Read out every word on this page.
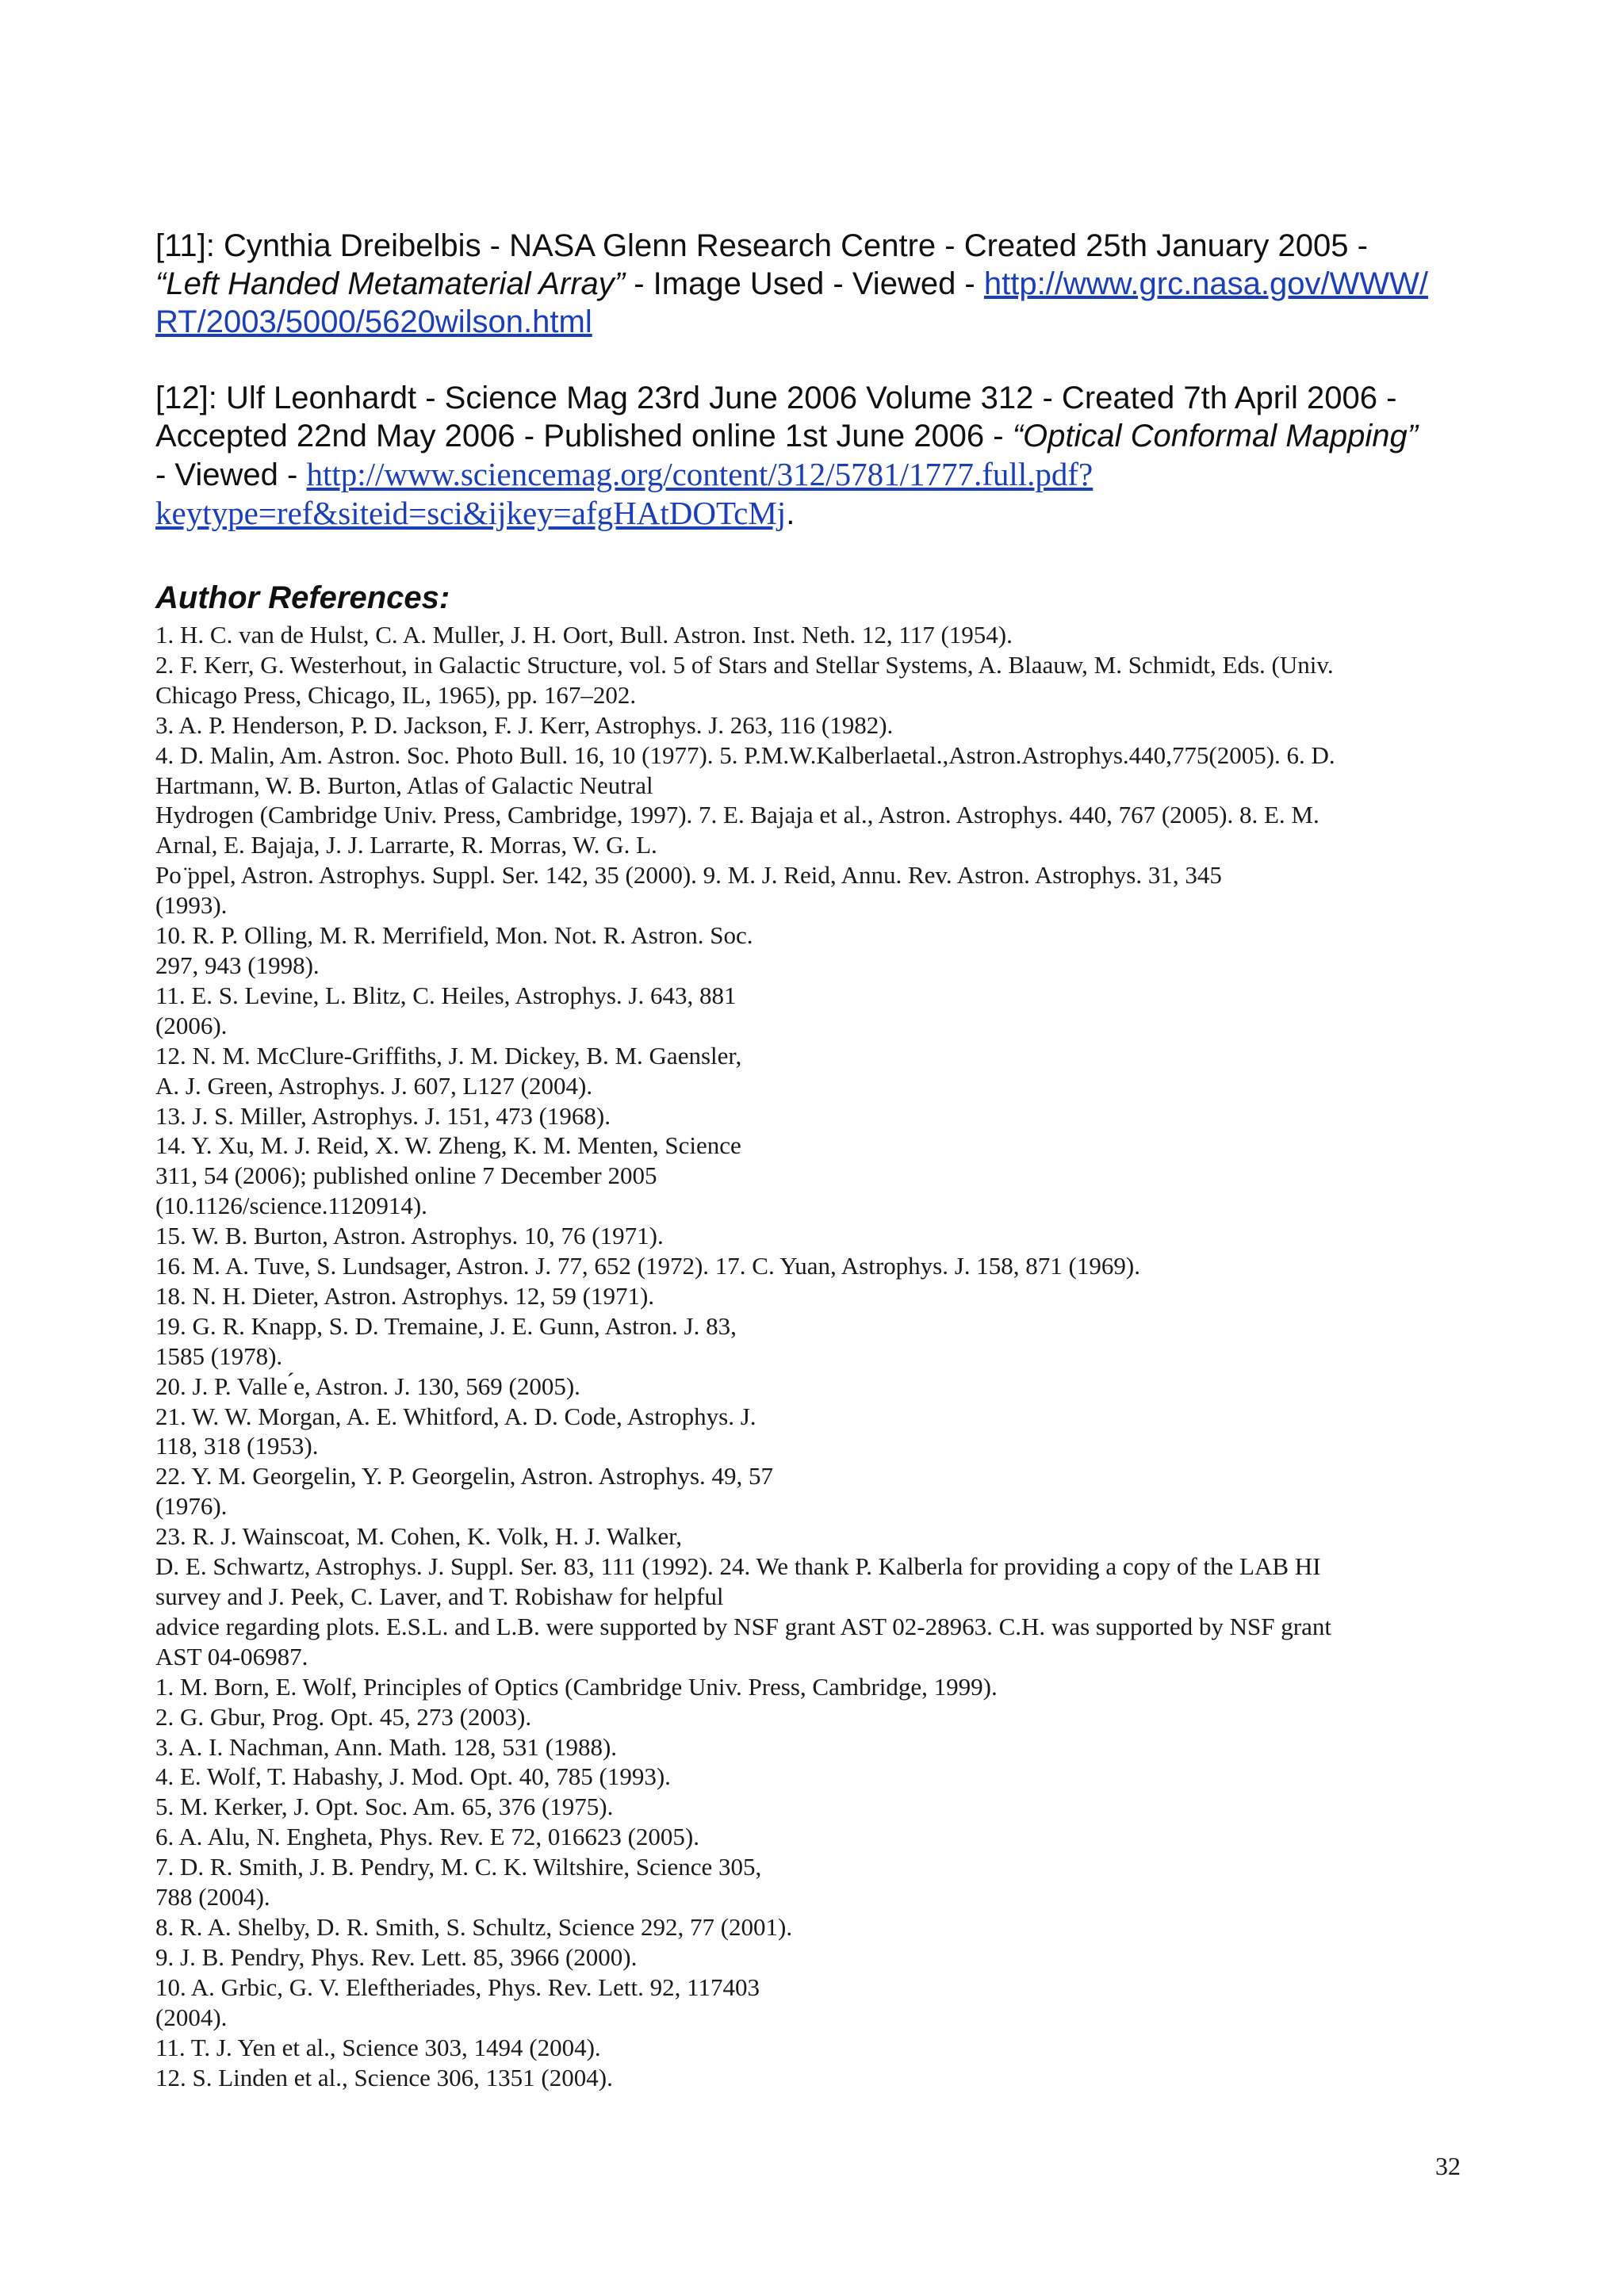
[11]: Cynthia Dreibelbis - NASA Glenn Research Centre - Created 25th January 2005 -
“Left Handed Metamaterial Array” - Image Used - Viewed - http://www.grc.nasa.gov/WWW/
RT/2003/5000/5620wilson.html

[12]: Ulf Leonhardt - Science Mag 23rd June 2006 Volume 312 - Created 7th April 2006 -
Accepted 22nd May 2006 - Published online 1st June 2006 - “Optical Conformal Mapping”
- Viewed - http://www.sciencemag.org/content/312/5781/1777.full.pdf?
keytype=ref&siteid=sci&ijkey=afgHAtDOTcMj.

Author References:
1. H. C. van de Hulst, C. A. Muller, J. H. Oort, Bull. Astron. Inst. Neth. 12, 117 (1954).
2. F. Kerr, G. Westerhout, in Galactic Structure, vol. 5 of Stars and Stellar Systems, A. Blaauw, M. Schmidt, Eds. (Univ.
Chicago Press, Chicago, IL, 1965), pp. 167–202.
3. A. P. Henderson, P. D. Jackson, F. J. Kerr, Astrophys. J. 263, 116 (1982).
4. D. Malin, Am. Astron. Soc. Photo Bull. 16, 10 (1977). 5. P.M.W.Kalberlaetal.,Astron.Astrophys.440,775(2005). 6. D.
Hartmann, W. B. Burton, Atlas of Galactic Neutral
Hydrogen (Cambridge Univ. Press, Cambridge, 1997). 7. E. Bajaja et al., Astron. Astrophys. 440, 767 (2005). 8. E. M.
Arnal, E. Bajaja, J. J. Larrarte, R. Morras, W. G. L.
Po ̈ppel, Astron. Astrophys. Suppl. Ser. 142, 35 (2000). 9. M. J. Reid, Annu. Rev. Astron. Astrophys. 31, 345
(1993).
10. R. P. Olling, M. R. Merrifield, Mon. Not. R. Astron. Soc.
297, 943 (1998).
11. E. S. Levine, L. Blitz, C. Heiles, Astrophys. J. 643, 881
(2006).
12. N. M. McClure-Griffiths, J. M. Dickey, B. M. Gaensler,
A. J. Green, Astrophys. J. 607, L127 (2004).
13. J. S. Miller, Astrophys. J. 151, 473 (1968).
14. Y. Xu, M. J. Reid, X. W. Zheng, K. M. Menten, Science
311, 54 (2006); published online 7 December 2005
(10.1126/science.1120914).
15. W. B. Burton, Astron. Astrophys. 10, 76 (1971).
16. M. A. Tuve, S. Lundsager, Astron. J. 77, 652 (1972). 17. C. Yuan, Astrophys. J. 158, 871 (1969).
18. N. H. Dieter, Astron. Astrophys. 12, 59 (1971).
19. G. R. Knapp, S. D. Tremaine, J. E. Gunn, Astron. J. 83,
1585 (1978).
20. J. P. Valle ́e, Astron. J. 130, 569 (2005).
21. W. W. Morgan, A. E. Whitford, A. D. Code, Astrophys. J.
118, 318 (1953).
22. Y. M. Georgelin, Y. P. Georgelin, Astron. Astrophys. 49, 57
(1976).
23. R. J. Wainscoat, M. Cohen, K. Volk, H. J. Walker,
D. E. Schwartz, Astrophys. J. Suppl. Ser. 83, 111 (1992). 24. We thank P. Kalberla for providing a copy of the LAB HI
survey and J. Peek, C. Laver, and T. Robishaw for helpful
advice regarding plots. E.S.L. and L.B. were supported by NSF grant AST 02-28963. C.H. was supported by NSF grant
AST 04-06987.
1. M. Born, E. Wolf, Principles of Optics (Cambridge Univ. Press, Cambridge, 1999).
2. G. Gbur, Prog. Opt. 45, 273 (2003).
3. A. I. Nachman, Ann. Math. 128, 531 (1988).
4. E. Wolf, T. Habashy, J. Mod. Opt. 40, 785 (1993).
5. M. Kerker, J. Opt. Soc. Am. 65, 376 (1975).
6. A. Alu, N. Engheta, Phys. Rev. E 72, 016623 (2005).
7. D. R. Smith, J. B. Pendry, M. C. K. Wiltshire, Science 305,
788 (2004).
8. R. A. Shelby, D. R. Smith, S. Schultz, Science 292, 77 (2001).
9. J. B. Pendry, Phys. Rev. Lett. 85, 3966 (2000).
10. A. Grbic, G. V. Eleftheriades, Phys. Rev. Lett. 92, 117403
(2004).
11. T. J. Yen et al., Science 303, 1494 (2004).
12. S. Linden et al., Science 306, 1351 (2004).
32
